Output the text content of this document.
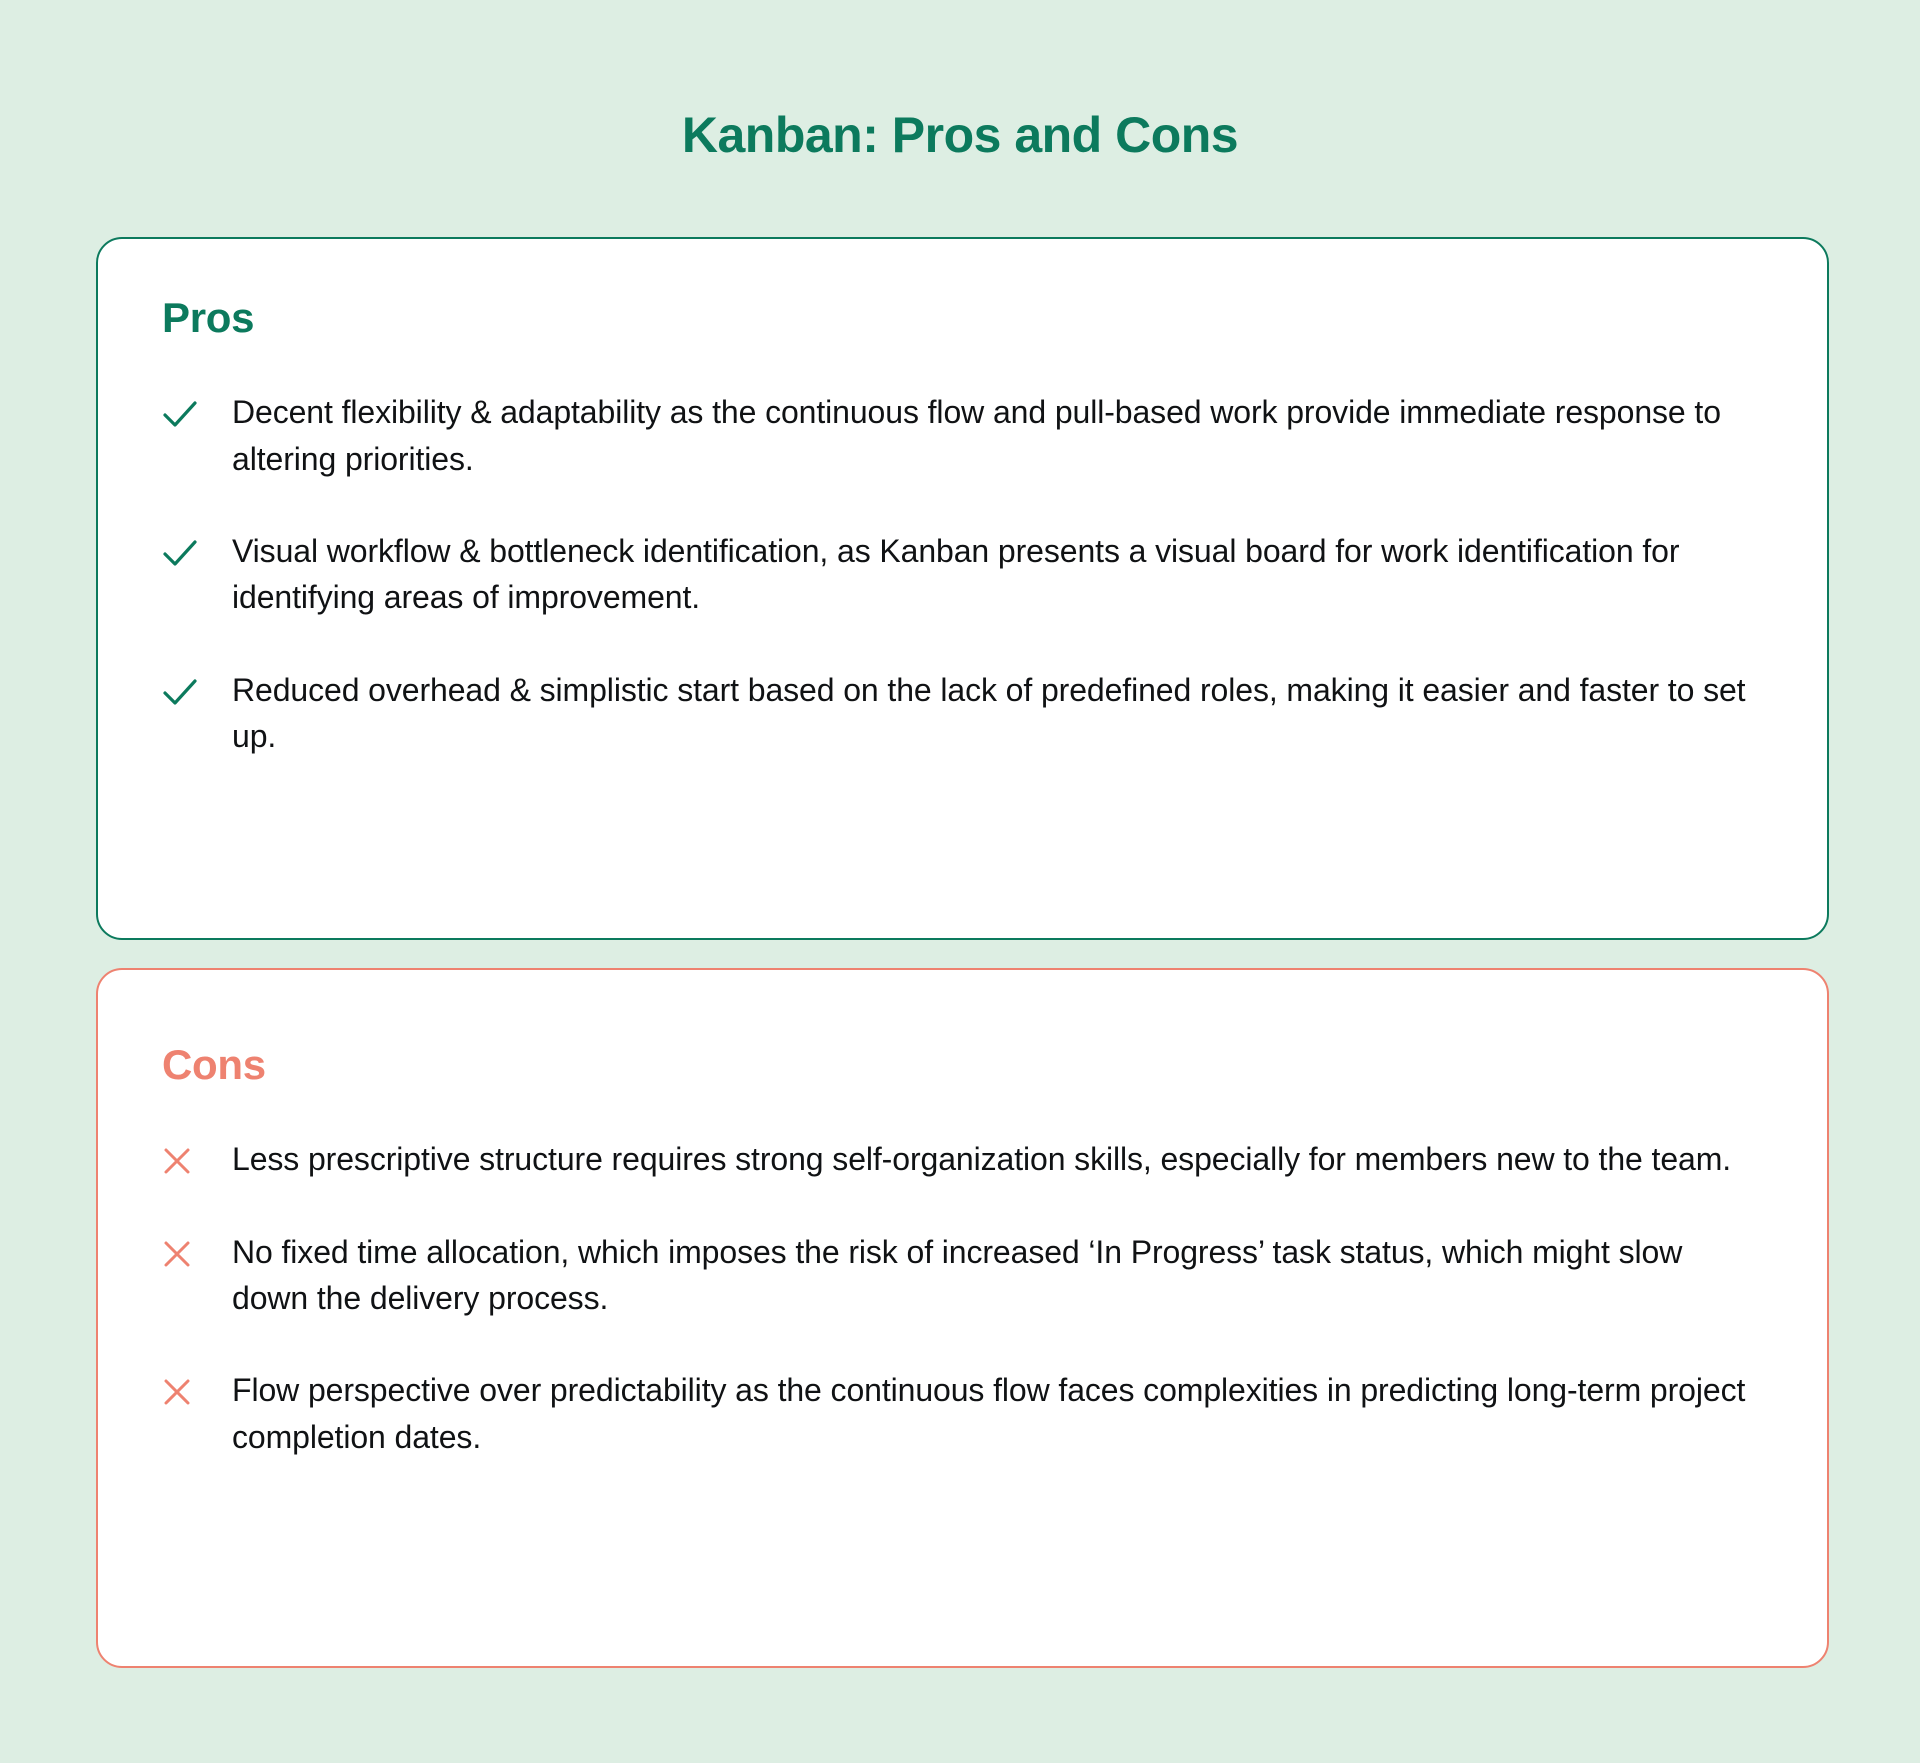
Kanban: Pros and Cons
Pros
Decent flexibility & adaptability as the continuous flow and pull-based work provide immediate response to altering priorities.
Visual workflow & bottleneck identification, as Kanban presents a visual board for work identification for identifying areas of improvement.
Reduced overhead & simplistic start based on the lack of predefined roles, making it easier and faster to set up.
Cons
Less prescriptive structure requires strong self-organization skills, especially for members new to the team.
No fixed time allocation, which imposes the risk of increased ‘In Progress’ task status, which might slow down the delivery process.
Flow perspective over predictability as the continuous flow faces complexities in predicting long-term project completion dates.
